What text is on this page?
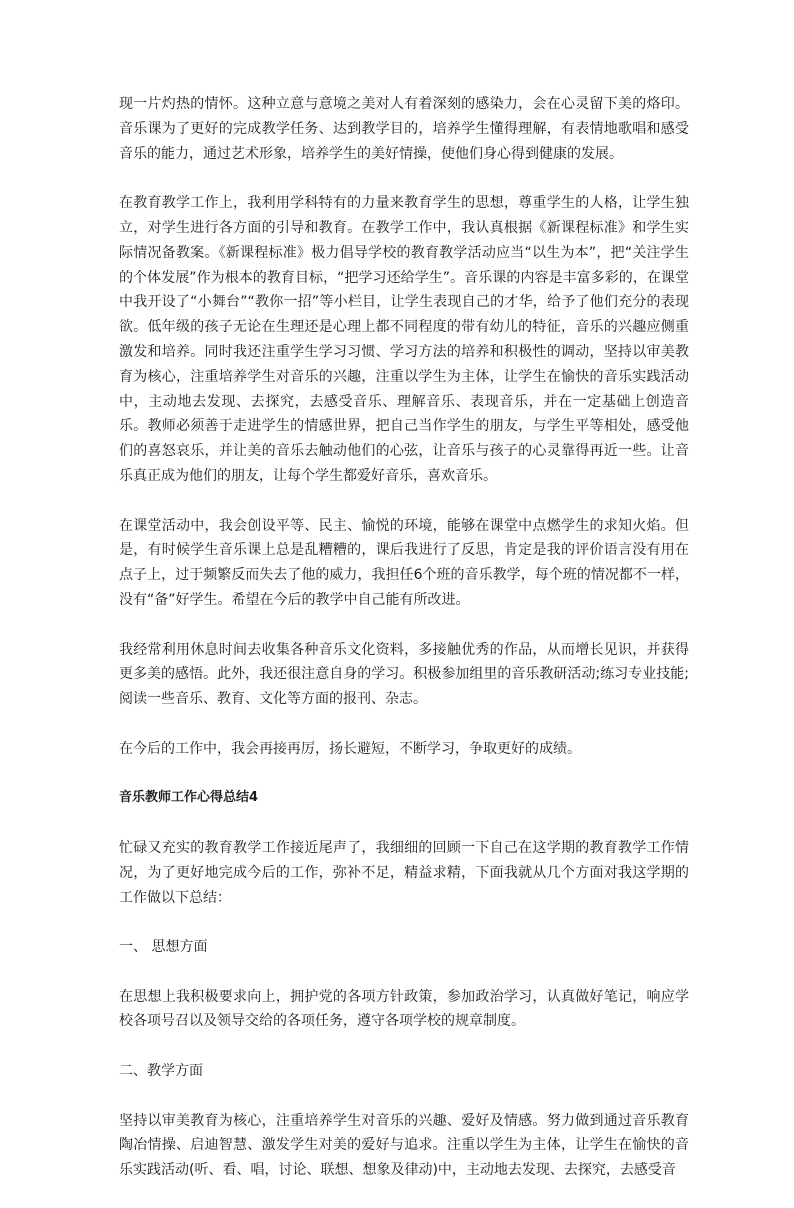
现一片灼热的情怀。这种立意与意境之美对人有着深刻的感染力，会在心灵留下美的烙印。音乐课为了更好的完成教学任务、达到教学目的，培养学生懂得理解，有表情地歌唱和感受音乐的能力，通过艺术形象，培养学生的美好情操，使他们身心得到健康的发展。

在教育教学工作上，我利用学科特有的力量来教育学生的思想，尊重学生的人格，让学生独立，对学生进行各方面的引导和教育。在教学工作中，我认真根据《新课程标准》和学生实际情况备教案。《新课程标准》极力倡导学校的教育教学活动应当“以生为本”，把“关注学生的个体发展”作为根本的教育目标，“把学习还给学生”。音乐课的内容是丰富多彩的，在课堂中我开设了“小舞台”“教你一招”等小栏目，让学生表现自己的才华，给予了他们充分的表现欲。低年级的孩子无论在生理还是心理上都不同程度的带有幼儿的特征，音乐的兴趣应侧重激发和培养。同时我还注重学生学习习惯、学习方法的培养和积极性的调动，坚持以审美教育为核心，注重培养学生对音乐的兴趣，注重以学生为主体，让学生在愉快的音乐实践活动中，主动地去发现、去探究，去感受音乐、理解音乐、表现音乐，并在一定基础上创造音乐。教师必须善于走进学生的情感世界，把自己当作学生的朋友，与学生平等相处，感受他们的喜怒哀乐，并让美的音乐去触动他们的心弦，让音乐与孩子的心灵靠得再近一些。让音乐真正成为他们的朋友，让每个学生都爱好音乐，喜欢音乐。

在课堂活动中，我会创设平等、民主、愉悦的环境，能够在课堂中点燃学生的求知火焰。但是，有时候学生音乐课上总是乱糟糟的，课后我进行了反思，肯定是我的评价语言没有用在点子上，过于频繁反而失去了他的威力，我担任6个班的音乐教学，每个班的情况都不一样，没有“备”好学生。希望在今后的教学中自己能有所改进。

我经常利用休息时间去收集各种音乐文化资料，多接触优秀的作品，从而增长见识，并获得更多美的感悟。此外，我还很注意自身的学习。积极参加组里的音乐教研活动;练习专业技能;阅读一些音乐、教育、文化等方面的报刊、杂志。

在今后的工作中，我会再接再厉，扬长避短，不断学习，争取更好的成绩。

音乐教师工作心得总结4

忙碌又充实的教育教学工作接近尾声了，我细细的回顾一下自己在这学期的教育教学工作情况，为了更好地完成今后的工作，弥补不足，精益求精，下面我就从几个方面对我这学期的工作做以下总结：

一、 思想方面

在思想上我积极要求向上，拥护党的各项方针政策，参加政治学习，认真做好笔记，响应学校各项号召以及领导交给的各项任务，遵守各项学校的规章制度。

二、教学方面

坚持以审美教育为核心，注重培养学生对音乐的兴趣、爱好及情感。努力做到通过音乐教育陶冶情操、启迪智慧、激发学生对美的爱好与追求。注重以学生为主体，让学生在愉快的音乐实践活动(听、看、唱，讨论、联想、想象及律动)中，主动地去发现、去探究，去感受音
